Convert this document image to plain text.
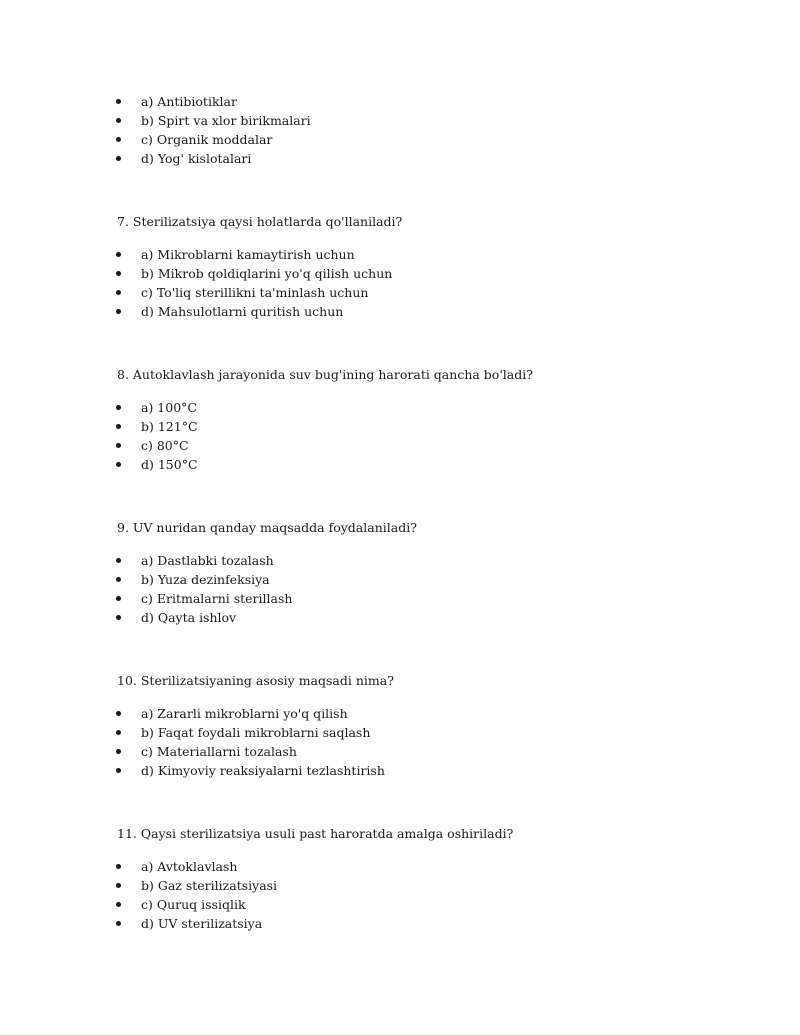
a) Antibiotiklar
b) Spirt va xlor birikmalari
c) Organik moddalar
d) Yog' kislotalari
7. Sterilizatsiya qaysi holatlarda qo'llaniladi?
a) Mikroblarni kamaytirish uchun
b) Mikrob qoldiqlarini yo'q qilish uchun
c) To'liq sterillikni ta'minlash uchun
d) Mahsulotlarni quritish uchun
8. Autoklavlash jarayonida suv bug'ining harorati qancha bo'ladi?
a) 100°C
b) 121°C
c) 80°C
d) 150°C
9. UV nuridan qanday maqsadda foydalaniladi?
a) Dastlabki tozalash
b) Yuza dezinfeksiya
c) Eritmalarni sterillash
d) Qayta ishlov
10. Sterilizatsiyaning asosiy maqsadi nima?
a) Zararli mikroblarni yo'q qilish
b) Faqat foydali mikroblarni saqlash
c) Materiallarni tozalash
d) Kimyoviy reaksiyalarni tezlashtirish
11. Qaysi sterilizatsiya usuli past haroratda amalga oshiriladi?
a) Avtoklavlash
b) Gaz sterilizatsiyasi
c) Quruq issiqlik
d) UV sterilizatsiya
